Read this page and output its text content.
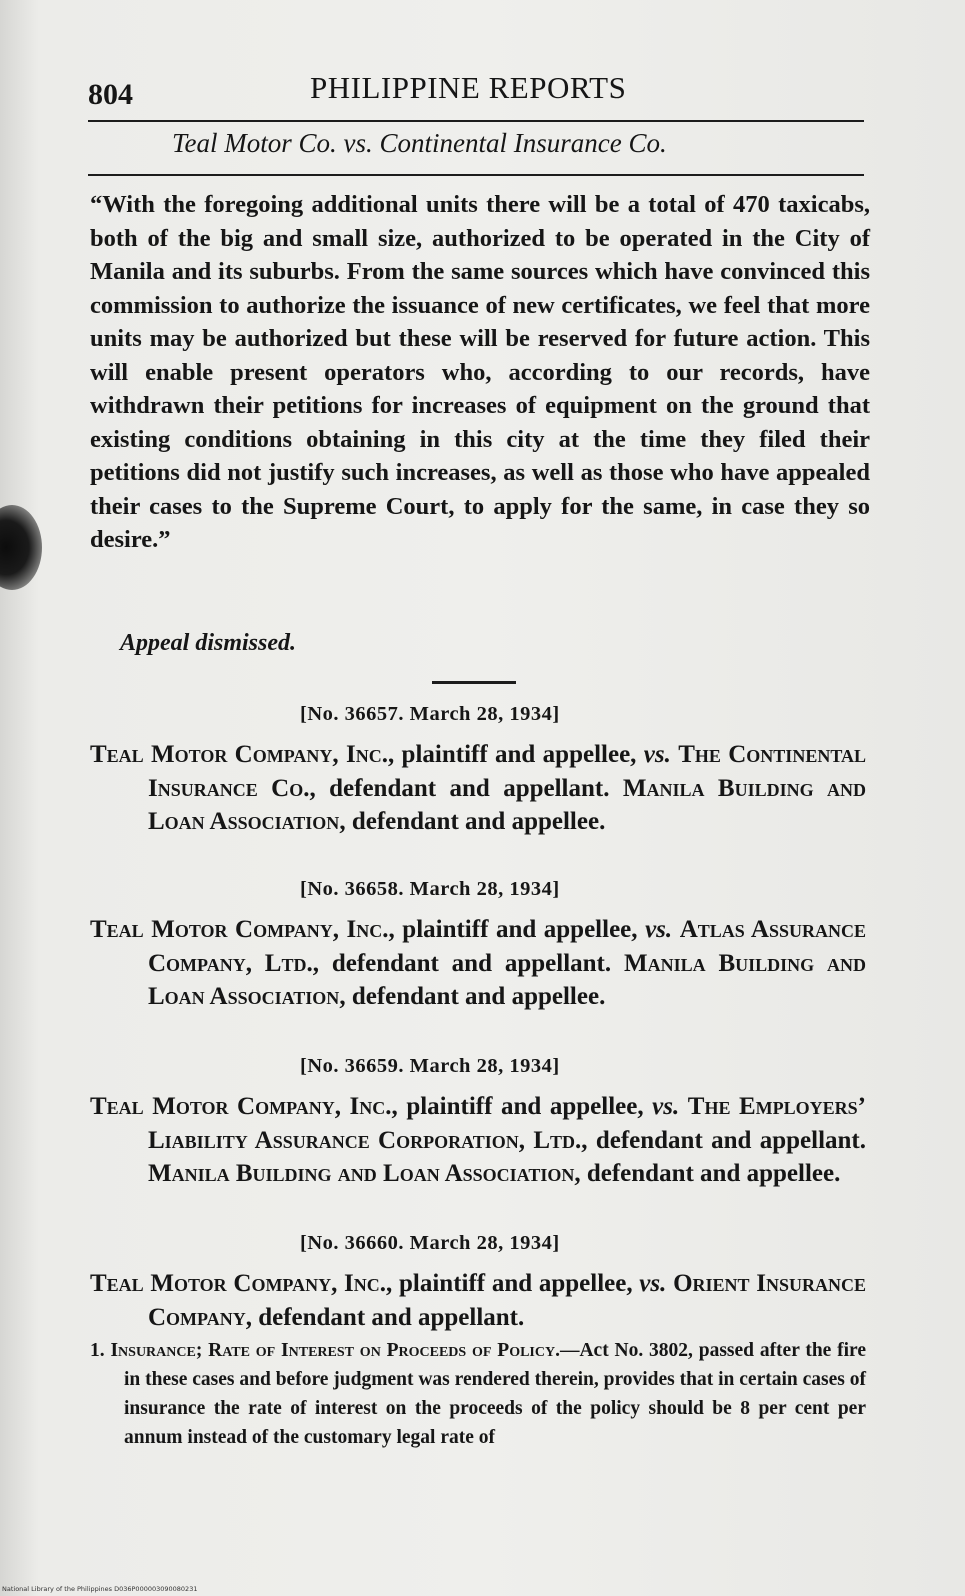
804	PHILIPPINE REPORTS
Teal Motor Co. vs. Continental Insurance Co.
“With the foregoing additional units there will be a total of 470 taxicabs, both of the big and small size, authorized to be operated in the City of Manila and its suburbs. From the same sources which have convinced this commission to authorize the issuance of new certificates, we feel that more units may be authorized but these will be reserved for future action. This will enable present operators who, according to our records, have withdrawn their petitions for increases of equipment on the ground that existing conditions obtaining in this city at the time they filed their petitions did not justify such increases, as well as those who have appealed their cases to the Supreme Court, to apply for the same, in case they so desire.”
Appeal dismissed.
[No. 36657. March 28, 1934]
Teal Motor Company, Inc., plaintiff and appellee, vs. The Continental Insurance Co., defendant and appellant. Manila Building and Loan Association, defendant and appellee.
[No. 36658. March 28, 1934]
Teal Motor Company, Inc., plaintiff and appellee, vs. Atlas Assurance Company, Ltd., defendant and appellant. Manila Building and Loan Association, defendant and appellee.
[No. 36659. March 28, 1934]
Teal Motor Company, Inc., plaintiff and appellee, vs. The Employers’ Liability Assurance Corporation, Ltd., defendant and appellant. Manila Building and Loan Association, defendant and appellee.
[No. 36660. March 28, 1934]
Teal Motor Company, Inc., plaintiff and appellee, vs. Orient Insurance Company, defendant and appellant.
1. Insurance; Rate of Interest on Proceeds of Policy.—Act No. 3802, passed after the fire in these cases and before judgment was rendered therein, provides that in certain cases of insurance the rate of interest on the proceeds of the policy should be 8 per cent per annum instead of the customary legal rate of
National Library of the Philippines D036P000003090080231
